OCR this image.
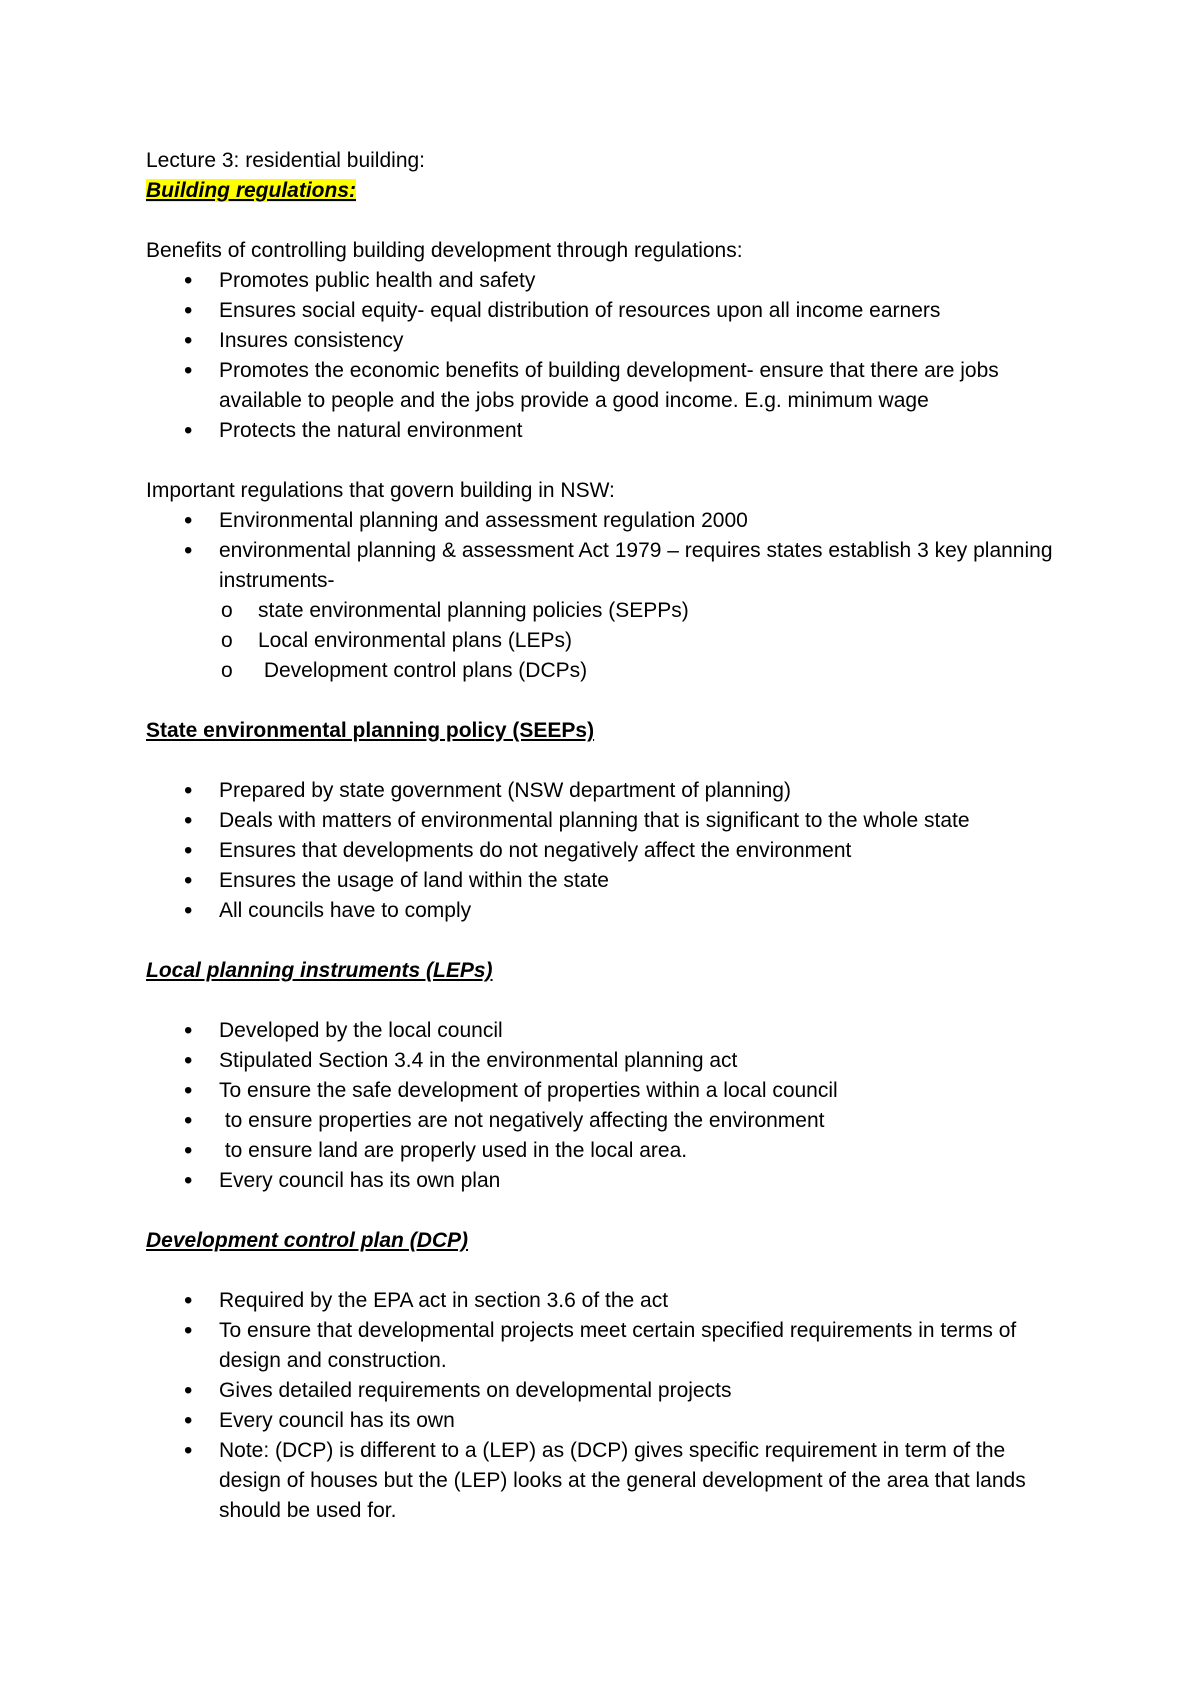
Lecture 3: residential building:
Building regulations:
Benefits of controlling building development through regulations:
• Promotes public health and safety
• Ensures social equity- equal distribution of resources upon all income earners
• Insures consistency
• Promotes the economic benefits of building development- ensure that there are jobs available to people and the jobs provide a good income. E.g. minimum wage
• Protects the natural environment
Important regulations that govern building in NSW:
• Environmental planning and assessment regulation 2000
• environmental planning & assessment Act 1979 – requires states establish 3 key planning instruments-
o state environmental planning policies (SEPPs)
o Local environmental plans (LEPs)
o  Development control plans (DCPs)
State environmental planning policy (SEEPs)
• Prepared by state government (NSW department of planning)
• Deals with matters of environmental planning that is significant to the whole state
• Ensures that developments do not negatively affect the environment
• Ensures the usage of land within the state
• All councils have to comply
Local planning instruments (LEPs)
• Developed by the local council
• Stipulated Section 3.4 in the environmental planning act
• To ensure the safe development of properties within a local council
•  to ensure properties are not negatively affecting the environment
•  to ensure land are properly used in the local area.
• Every council has its own plan
Development control plan (DCP)
• Required by the EPA act in section 3.6 of the act
• To ensure that developmental projects meet certain specified requirements in terms of design and construction.
• Gives detailed requirements on developmental projects
• Every council has its own
• Note: (DCP) is different to a (LEP) as (DCP) gives specific requirement in term of the design of houses but the (LEP) looks at the general development of the area that lands should be used for.
